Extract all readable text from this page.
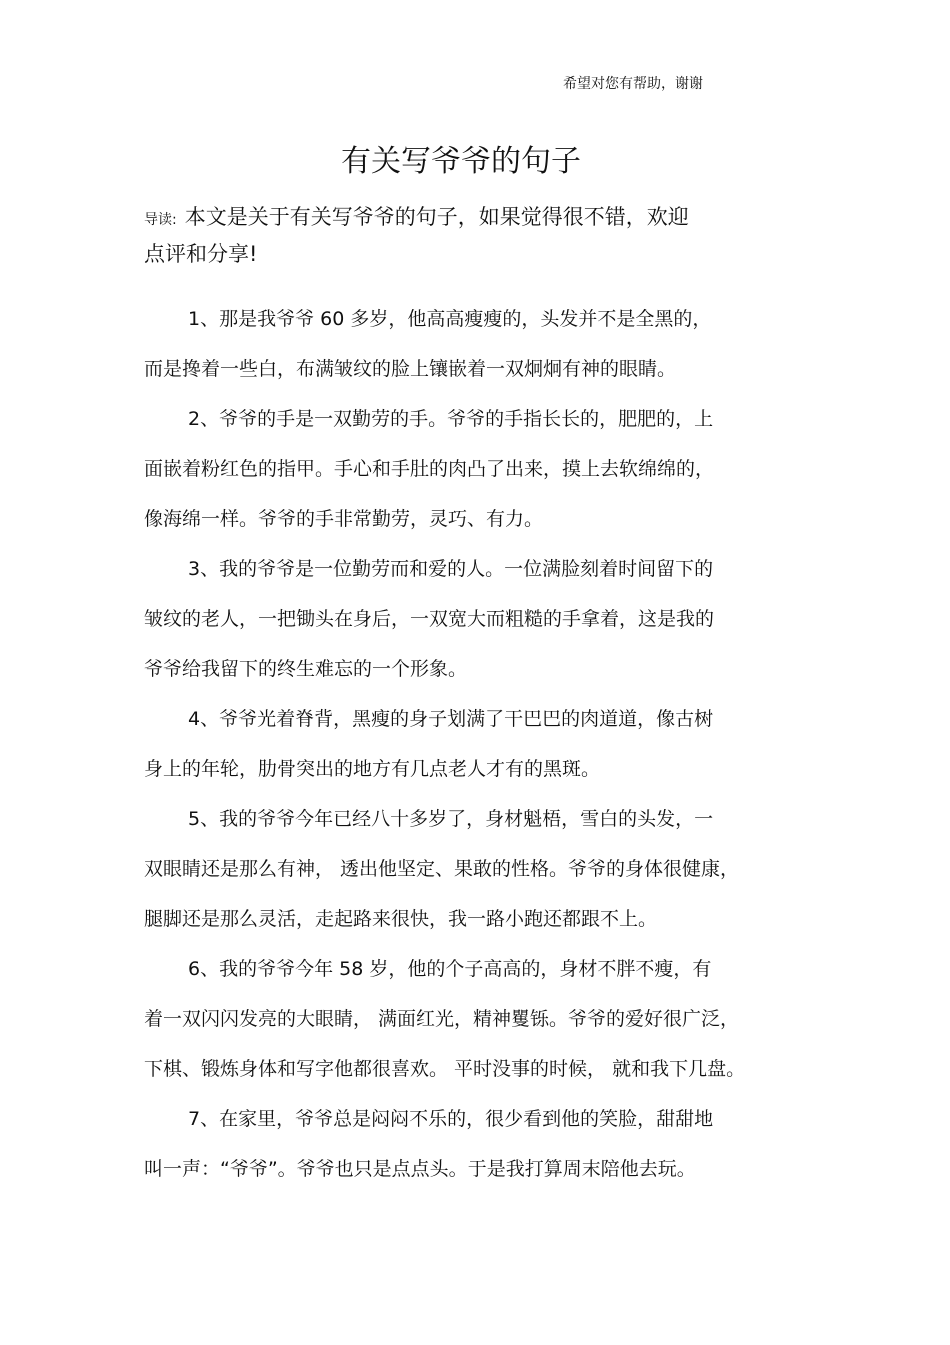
希望对您有帮助，谢谢
有关写爷爷的句子
导读: 本文是关于有关写爷爷的句子，如果觉得很不错，欢迎
点评和分享!
1、那是我爷爷 60 多岁，他高高瘦瘦的，头发并不是全黑的，
而是搀着一些白，布满皱纹的脸上镶嵌着一双炯炯有神的眼睛。
2、爷爷的手是一双勤劳的手。爷爷的手指长长的，肥肥的，上
面嵌着粉红色的指甲。手心和手肚的肉凸了出来，摸上去软绵绵的，
像海绵一样。爷爷的手非常勤劳，灵巧、有力。
3、我的爷爷是一位勤劳而和爱的人。一位满脸刻着时间留下的
皱纹的老人，一把锄头在身后，一双宽大而粗糙的手拿着，这是我的
爷爷给我留下的终生难忘的一个形象。
4、爷爷光着脊背，黑瘦的身子划满了干巴巴的肉道道，像古树
身上的年轮，肋骨突出的地方有几点老人才有的黑斑。
5、我的爷爷今年已经八十多岁了，身材魁梧，雪白的头发，一
双眼睛还是那么有神， 透出他坚定、果敢的性格。爷爷的身体很健康，
腿脚还是那么灵活，走起路来很快，我一路小跑还都跟不上。
6、我的爷爷今年 58 岁，他的个子高高的，身材不胖不瘦，有
着一双闪闪发亮的大眼睛， 满面红光，精神矍铄。爷爷的爱好很广泛，
下棋、锻炼身体和写字他都很喜欢。 平时没事的时候， 就和我下几盘。
7、在家里，爷爷总是闷闷不乐的，很少看到他的笑脸，甜甜地
叫一声：“爷爷”。爷爷也只是点点头。于是我打算周末陪他去玩。
